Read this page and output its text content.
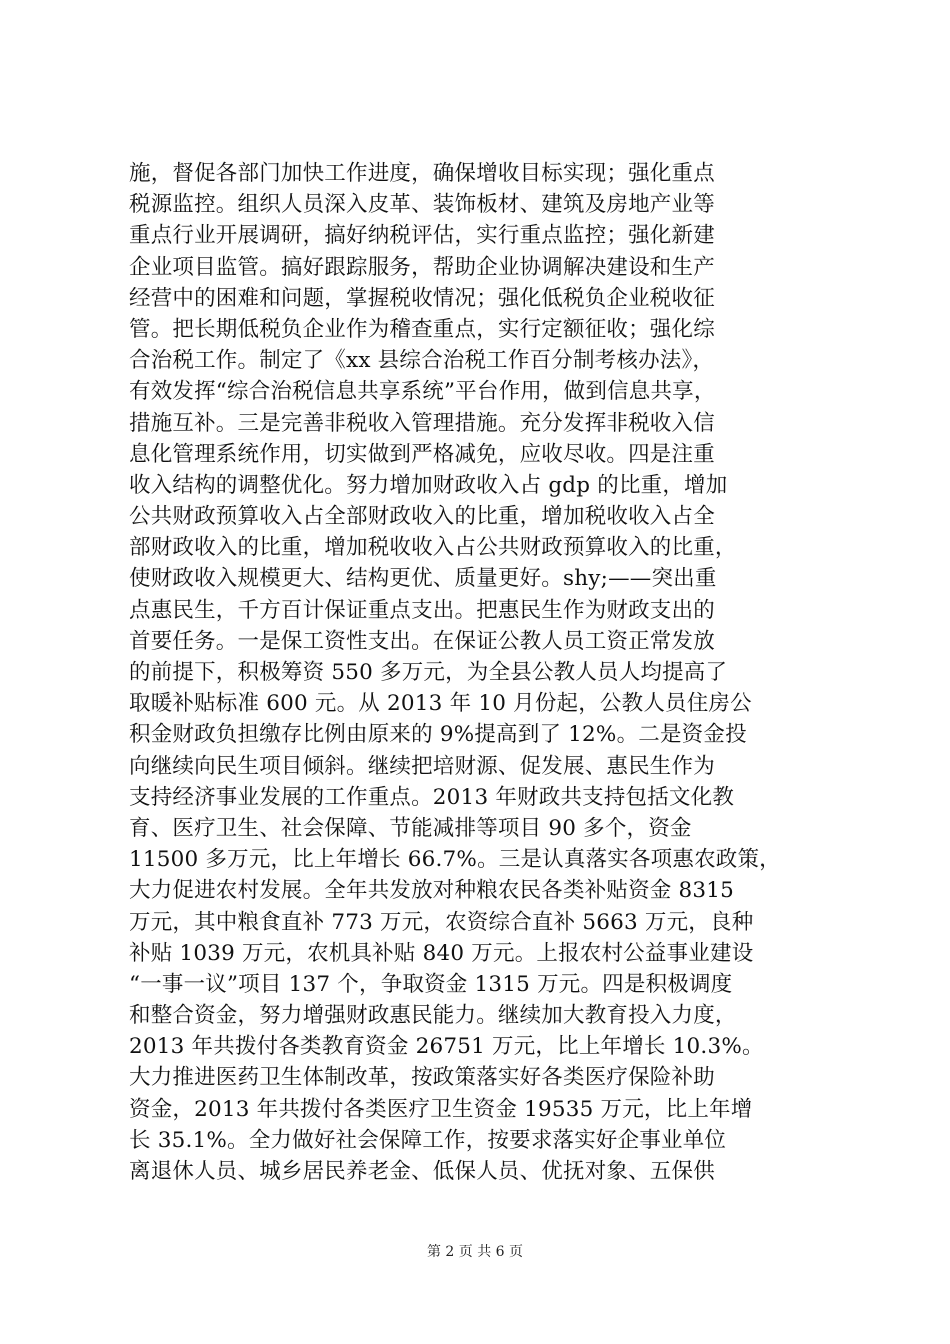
施，督促各部门加快工作进度，确保增收目标实现；强化重点
税源监控。组织人员深入皮革、装饰板材、建筑及房地产业等
重点行业开展调研，搞好纳税评估，实行重点监控；强化新建
企业项目监管。搞好跟踪服务，帮助企业协调解决建设和生产
经营中的困难和问题，掌握税收情况；强化低税负企业税收征
管。把长期低税负企业作为稽查重点，实行定额征收；强化综
合治税工作。制定了《xx 县综合治税工作百分制考核办法》，
有效发挥“综合治税信息共享系统”平台作用，做到信息共享，
措施互补。三是完善非税收入管理措施。充分发挥非税收入信
息化管理系统作用，切实做到严格减免，应收尽收。四是注重
收入结构的调整优化。努力增加财政收入占 gdp 的比重，增加
公共财政预算收入占全部财政收入的比重，增加税收收入占全
部财政收入的比重，增加税收收入占公共财政预算收入的比重，
使财政收入规模更大、结构更优、质量更好。shy;——突出重
点惠民生，千方百计保证重点支出。把惠民生作为财政支出的
首要任务。一是保工资性支出。在保证公教人员工资正常发放
的前提下，积极筹资 550 多万元，为全县公教人员人均提高了
取暖补贴标准 600 元。从 2013 年 10 月份起，公教人员住房公
积金财政负担缴存比例由原来的 9%提高到了 12%。二是资金投
向继续向民生项目倾斜。继续把培财源、促发展、惠民生作为
支持经济事业发展的工作重点。2013 年财政共支持包括文化教
育、医疗卫生、社会保障、节能减排等项目 90 多个，资金
11500 多万元，比上年增长 66.7%。三是认真落实各项惠农政策，
大力促进农村发展。全年共发放对种粮农民各类补贴资金 8315
万元，其中粮食直补 773 万元，农资综合直补 5663 万元，良种
补贴 1039 万元，农机具补贴 840 万元。上报农村公益事业建设
“一事一议”项目 137 个，争取资金 1315 万元。四是积极调度
和整合资金，努力增强财政惠民能力。继续加大教育投入力度，
2013 年共拨付各类教育资金 26751 万元，比上年增长 10.3%。
大力推进医药卫生体制改革，按政策落实好各类医疗保险补助
资金，2013 年共拨付各类医疗卫生资金 19535 万元，比上年增
长 35.1%。全力做好社会保障工作，按要求落实好企事业单位
离退休人员、城乡居民养老金、低保人员、优抚对象、五保供
第 2 页 共 6 页
